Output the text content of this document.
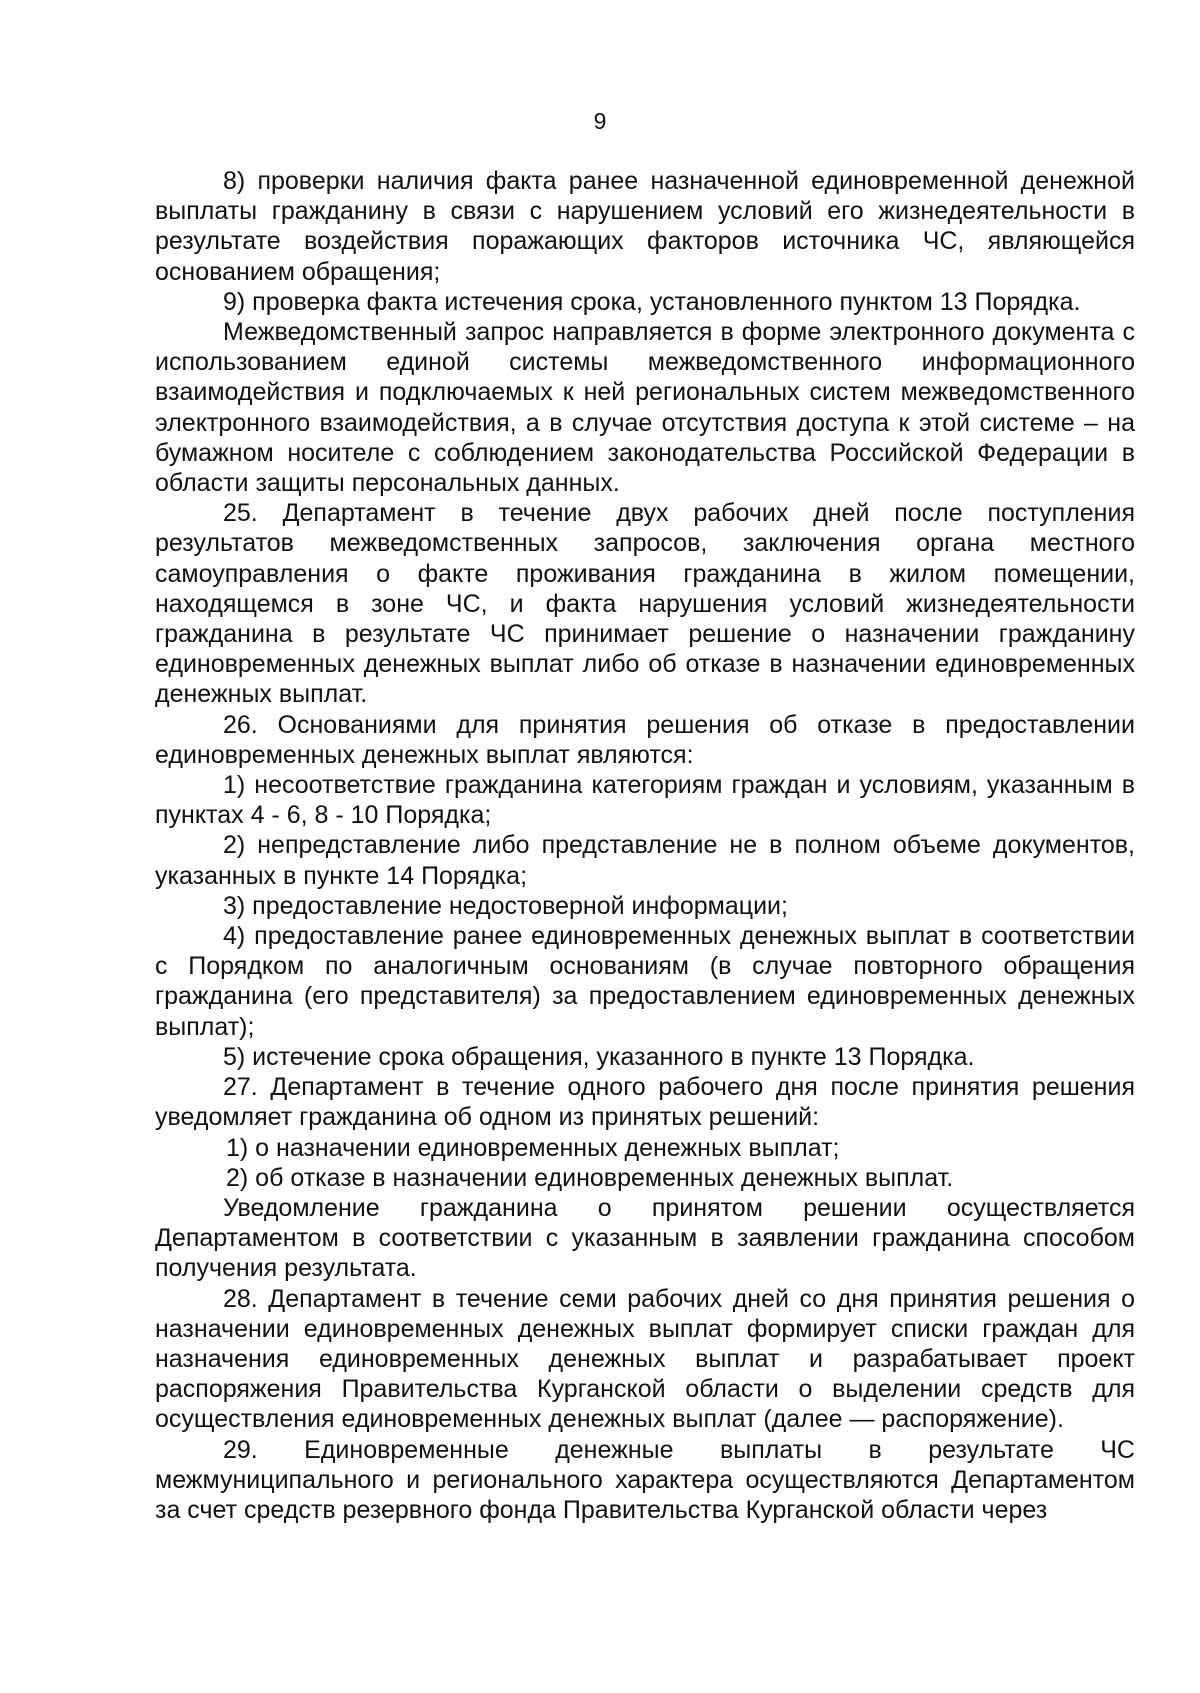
9

8) проверки наличия факта ранее назначенной единовременной денежной выплаты гражданину в связи с нарушением условий его жизнедеятельности в результате воздействия поражающих факторов источника ЧС, являющейся основанием обращения;

9) проверка факта истечения срока, установленного пунктом 13 Порядка.

Межведомственный запрос направляется в форме электронного документа с использованием единой системы межведомственного информационного взаимодействия и подключаемых к ней региональных систем межведомственного электронного взаимодействия, а в случае отсутствия доступа к этой системе – на бумажном носителе с соблюдением законодательства Российской Федерации в области защиты персональных данных.

25. Департамент в течение двух рабочих дней после поступления результатов межведомственных запросов, заключения органа местного самоуправления о факте проживания гражданина в жилом помещении, находящемся в зоне ЧС, и факта нарушения условий жизнедеятельности гражданина в результате ЧС принимает решение о назначении гражданину единовременных денежных выплат либо об отказе в назначении единовременных денежных выплат.

26. Основаниями для принятия решения об отказе в предоставлении единовременных денежных выплат являются:

1) несоответствие гражданина категориям граждан и условиям, указанным в пунктах 4 - 6, 8 - 10 Порядка;

2) непредставление либо представление не в полном объеме документов, указанных в пункте 14 Порядка;

3) предоставление недостоверной информации;

4) предоставление ранее единовременных денежных выплат в соответствии с Порядком по аналогичным основаниям (в случае повторного обращения гражданина (его представителя) за предоставлением единовременных денежных выплат);

5) истечение срока обращения, указанного в пункте 13 Порядка.

27. Департамент в течение одного рабочего дня после принятия решения уведомляет гражданина об одном из принятых решений:

1) о назначении единовременных денежных выплат;

2) об отказе в назначении единовременных денежных выплат.

Уведомление гражданина о принятом решении осуществляется Департаментом в соответствии с указанным в заявлении гражданина способом получения результата.

28. Департамент в течение семи рабочих дней со дня принятия решения о назначении единовременных денежных выплат формирует списки граждан для назначения единовременных денежных выплат и разрабатывает проект распоряжения Правительства Курганской области о выделении средств для осуществления единовременных денежных выплат (далее — распоряжение).

29. Единовременные денежные выплаты в результате ЧС межмуниципального и регионального характера осуществляются Департаментом за счет средств резервного фонда Правительства Курганской области через
